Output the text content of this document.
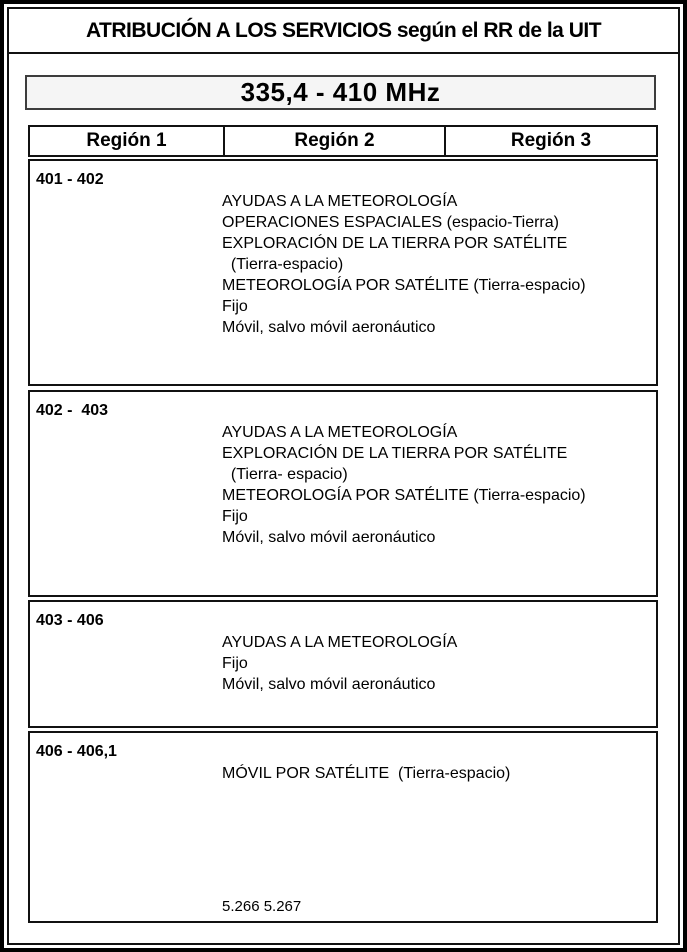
ATRIBUCIÓN A LOS SERVICIOS según el RR de la UIT
335,4 - 410 MHz
Región 1	Región 2	Región 3
401 - 402
AYUDAS A LA METEOROLOGÍA
OPERACIONES ESPACIALES (espacio-Tierra)
EXPLORACIÓN DE LA TIERRA POR SATÉLITE
(Tierra-espacio)
METEOROLOGÍA POR SATÉLITE (Tierra-espacio)
Fijo
Móvil, salvo móvil aeronáutico
402 -  403
AYUDAS A LA METEOROLOGÍA
EXPLORACIÓN DE LA TIERRA POR SATÉLITE
(Tierra- espacio)
METEOROLOGÍA POR SATÉLITE (Tierra-espacio)
Fijo
Móvil, salvo móvil aeronáutico
403 - 406
AYUDAS A LA METEOROLOGÍA
Fijo
Móvil, salvo móvil aeronáutico
406 - 406,1
MÓVIL POR SATÉLITE  (Tierra-espacio)
5.266 5.267
